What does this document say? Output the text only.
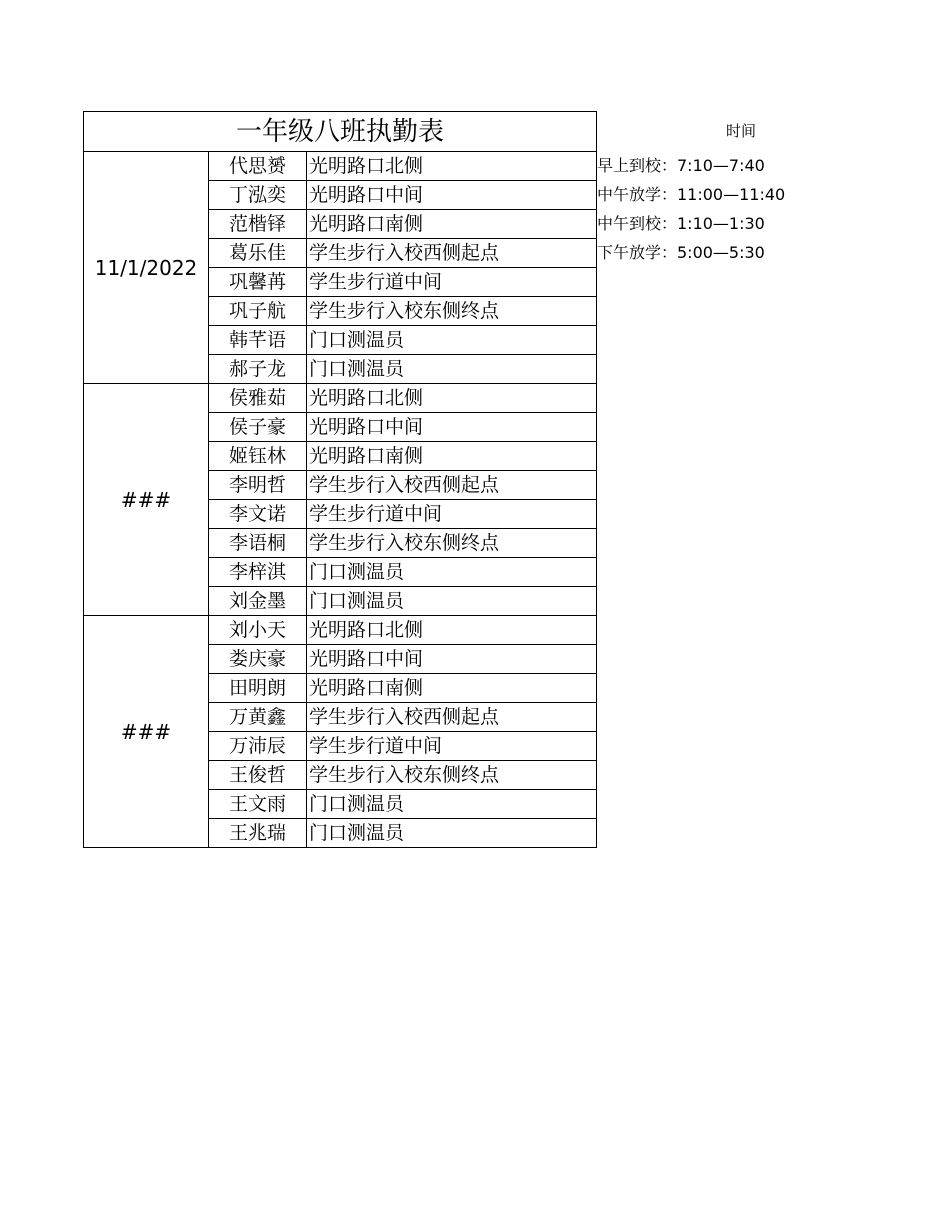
一年级八班执勤表		
11/1/2022	代思赟	光明路口北侧
	丁泓奕	光明路口中间
	范楷铎	光明路口南侧
	葛乐佳	学生步行入校西侧起点
	巩馨苒	学生步行道中间
	巩子航	学生步行入校东侧终点
	韩芊语	门口测温员
	郝子龙	门口测温员
###	侯雅茹	光明路口北侧
	侯子豪	光明路口中间
	姬钰林	光明路口南侧
	李明哲	学生步行入校西侧起点
	李文诺	学生步行道中间
	李语桐	学生步行入校东侧终点
	李梓淇	门口测温员
	刘金墨	门口测温员
###	刘小天	光明路口北侧
	娄庆豪	光明路口中间
	田明朗	光明路口南侧
	万黄鑫	学生步行入校西侧起点
	万沛辰	学生步行道中间
	王俊哲	学生步行入校东侧终点
	王文雨	门口测温员
	王兆瑞	门口测温员
时间
早上到校：7:10—7:40
中午放学：11:00—11:40
中午到校：1:10—1:30
下午放学：5:00—5:30
